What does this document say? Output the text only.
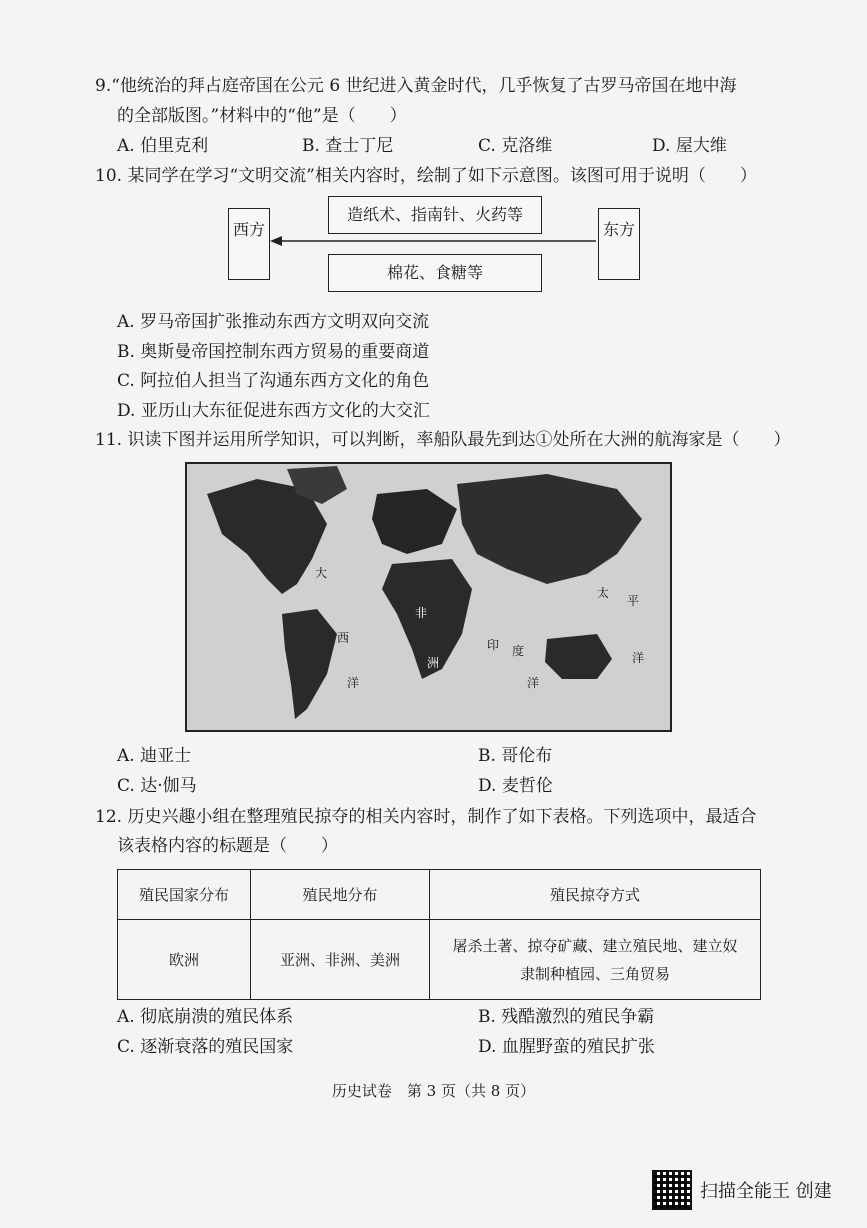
9.“他统治的拜占庭帝国在公元 6 世纪进入黄金时代，几乎恢复了古罗马帝国在地中海
的全部版图。”材料中的“他”是（　　）
A. 伯里克利	B. 查士丁尼	C. 克洛维	D. 屋大维
10. 某同学在学习“文明交流”相关内容时，绘制了如下示意图。该图可用于说明（　　）
西方	东方
造纸术、指南针、火药等
棉花、食糖等
A. 罗马帝国扩张推动东西方文明双向交流
B. 奥斯曼帝国控制东西方贸易的重要商道
C. 阿拉伯人担当了沟通东西方文化的角色
D. 亚历山大东征促进东西方文化的大交汇
11. 识读下图并运用所学知识，可以判断，率船队最先到达①处所在大洲的航海家是（　　）
大
西
洋
非
洲
印 度
洋
太
平
洋
A. 迪亚士	B. 哥伦布
C. 达·伽马	D. 麦哲伦
12. 历史兴趣小组在整理殖民掠夺的相关内容时，制作了如下表格。下列选项中，最适合
该表格内容的标题是（　　）
殖民国家分布	殖民地分布	殖民掠夺方式
欧洲	亚洲、非洲、美洲	屠杀土著、掠夺矿藏、建立殖民地、建立奴隶制种植园、三角贸易
A. 彻底崩溃的殖民体系	B. 残酷激烈的殖民争霸
C. 逐渐衰落的殖民国家	D. 血腥野蛮的殖民扩张
历史试卷　第 3 页（共 8 页）
扫描全能王 创建
